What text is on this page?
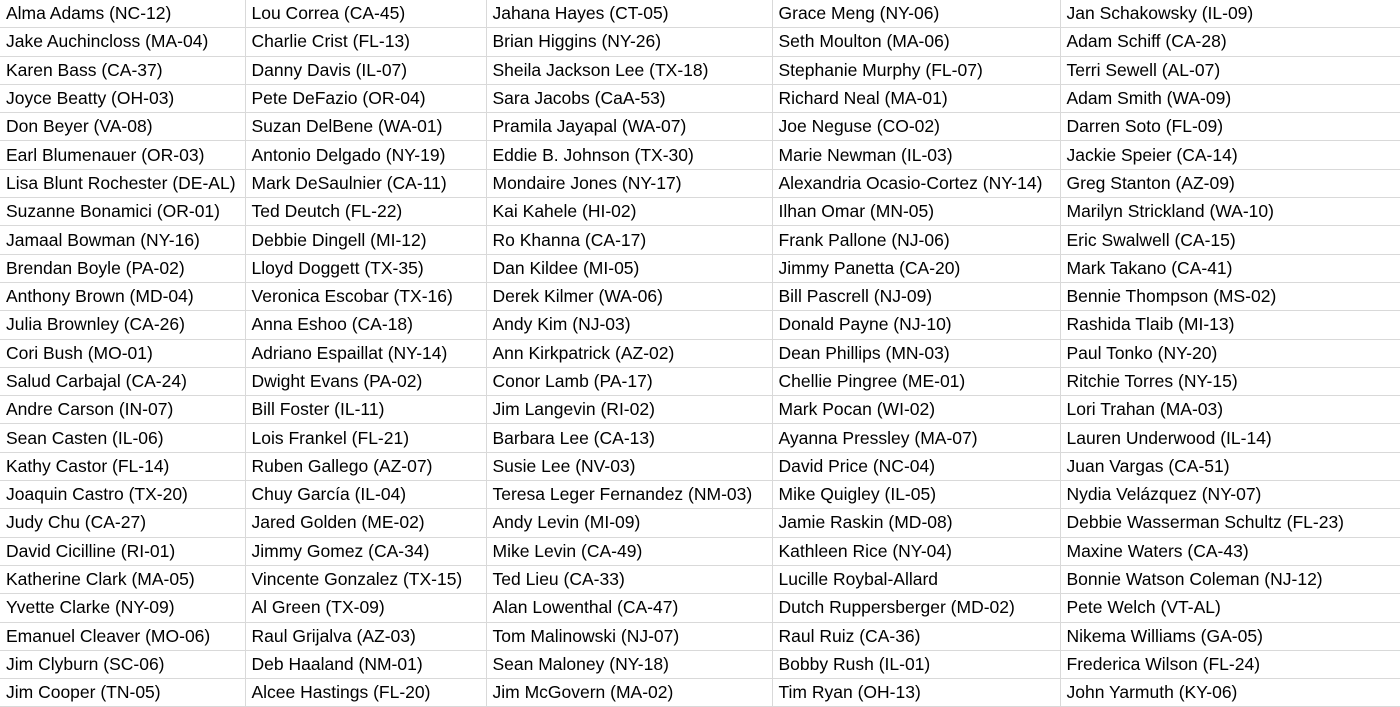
Alma Adams (NC-12)	Lou Correa (CA-45)	Jahana Hayes (CT-05)	Grace Meng (NY-06)	Jan Schakowsky (IL-09)
Jake Auchincloss (MA-04)	Charlie Crist (FL-13)	Brian Higgins (NY-26)	Seth Moulton (MA-06)	Adam Schiff (CA-28)
Karen Bass (CA-37)	Danny Davis (IL-07)	Sheila Jackson Lee (TX-18)	Stephanie Murphy (FL-07)	Terri Sewell (AL-07)
Joyce Beatty (OH-03)	Pete DeFazio (OR-04)	Sara Jacobs (CaA-53)	Richard Neal (MA-01)	Adam Smith (WA-09)
Don Beyer (VA-08)	Suzan DelBene (WA-01)	Pramila Jayapal (WA-07)	Joe Neguse (CO-02)	Darren Soto (FL-09)
Earl Blumenauer (OR-03)	Antonio Delgado (NY-19)	Eddie B. Johnson (TX-30)	Marie Newman (IL-03)	Jackie Speier (CA-14)
Lisa Blunt Rochester (DE-AL)	Mark DeSaulnier (CA-11)	Mondaire Jones (NY-17)	Alexandria Ocasio-Cortez (NY-14)	Greg Stanton (AZ-09)
Suzanne Bonamici (OR-01)	Ted Deutch (FL-22)	Kai Kahele (HI-02)	Ilhan Omar (MN-05)	Marilyn Strickland (WA-10)
Jamaal Bowman (NY-16)	Debbie Dingell (MI-12)	Ro Khanna (CA-17)	Frank Pallone (NJ-06)	Eric Swalwell (CA-15)
Brendan Boyle (PA-02)	Lloyd Doggett (TX-35)	Dan Kildee (MI-05)	Jimmy Panetta (CA-20)	Mark Takano (CA-41)
Anthony Brown (MD-04)	Veronica Escobar (TX-16)	Derek Kilmer (WA-06)	Bill Pascrell (NJ-09)	Bennie Thompson (MS-02)
Julia Brownley (CA-26)	Anna Eshoo (CA-18)	Andy Kim (NJ-03)	Donald Payne (NJ-10)	Rashida Tlaib (MI-13)
Cori Bush (MO-01)	Adriano Espaillat (NY-14)	Ann Kirkpatrick (AZ-02)	Dean Phillips (MN-03)	Paul Tonko (NY-20)
Salud Carbajal (CA-24)	Dwight Evans (PA-02)	Conor Lamb (PA-17)	Chellie Pingree (ME-01)	Ritchie Torres (NY-15)
Andre Carson (IN-07)	Bill Foster (IL-11)	Jim Langevin (RI-02)	Mark Pocan (WI-02)	Lori Trahan (MA-03)
Sean Casten (IL-06)	Lois Frankel (FL-21)	Barbara Lee (CA-13)	Ayanna Pressley (MA-07)	Lauren Underwood (IL-14)
Kathy Castor (FL-14)	Ruben Gallego (AZ-07)	Susie Lee (NV-03)	David Price (NC-04)	Juan Vargas (CA-51)
Joaquin Castro (TX-20)	Chuy García (IL-04)	Teresa Leger Fernandez (NM-03)	Mike Quigley (IL-05)	Nydia Velázquez (NY-07)
Judy Chu (CA-27)	Jared Golden (ME-02)	Andy Levin (MI-09)	Jamie Raskin (MD-08)	Debbie Wasserman Schultz (FL-23)
David Cicilline (RI-01)	Jimmy Gomez (CA-34)	Mike Levin (CA-49)	Kathleen Rice (NY-04)	Maxine Waters (CA-43)
Katherine Clark (MA-05)	Vincente Gonzalez (TX-15)	Ted Lieu (CA-33)	Lucille Roybal-Allard	Bonnie Watson Coleman (NJ-12)
Yvette Clarke (NY-09)	Al Green (TX-09)	Alan Lowenthal (CA-47)	Dutch Ruppersberger (MD-02)	Pete Welch (VT-AL)
Emanuel Cleaver (MO-06)	Raul Grijalva (AZ-03)	Tom Malinowski (NJ-07)	Raul Ruiz (CA-36)	Nikema Williams (GA-05)
Jim Clyburn (SC-06)	Deb Haaland (NM-01)	Sean Maloney (NY-18)	Bobby Rush (IL-01)	Frederica Wilson (FL-24)
Jim Cooper (TN-05)	Alcee Hastings (FL-20)	Jim McGovern (MA-02)	Tim Ryan (OH-13)	John Yarmuth (KY-06)
